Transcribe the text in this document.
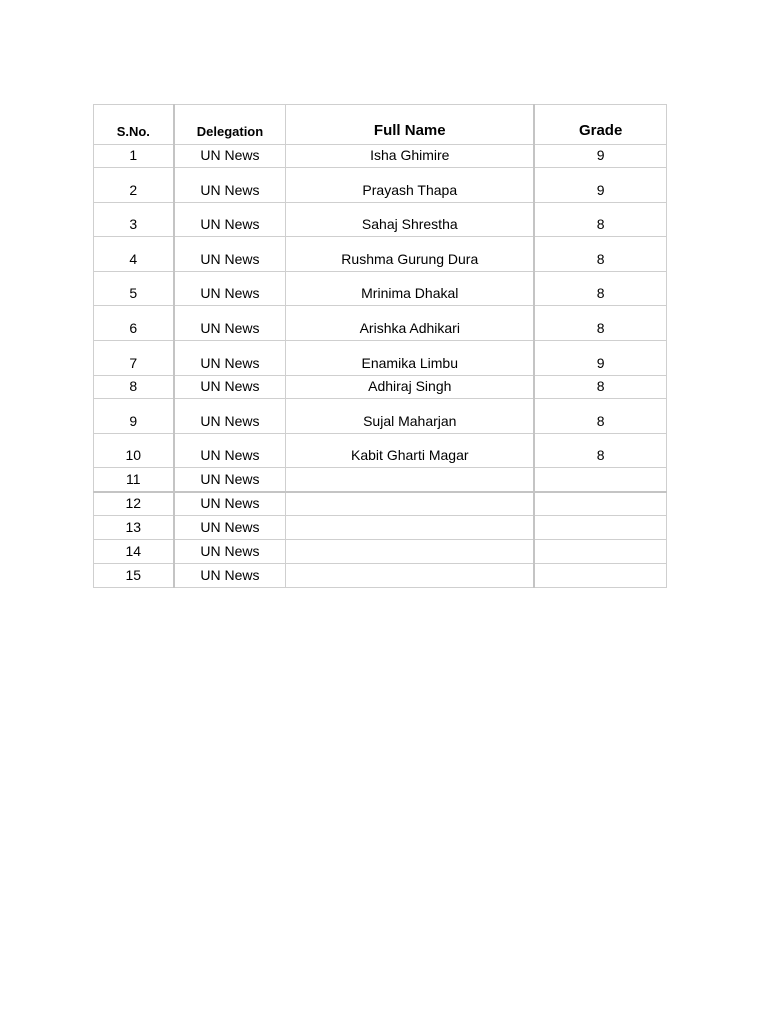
S.No.	Delegation	Full Name	Grade
1	UN News	Isha Ghimire	9
2	UN News	Prayash Thapa	9
3	UN News	Sahaj Shrestha	8
4	UN News	Rushma Gurung Dura	8
5	UN News	Mrinima Dhakal	8
6	UN News	Arishka Adhikari	8
7	UN News	Enamika Limbu	9
8	UN News	Adhiraj Singh	8
9	UN News	Sujal Maharjan	8
10	UN News	Kabit Gharti Magar	8
11	UN News		
12	UN News		
13	UN News		
14	UN News		
15	UN News		
